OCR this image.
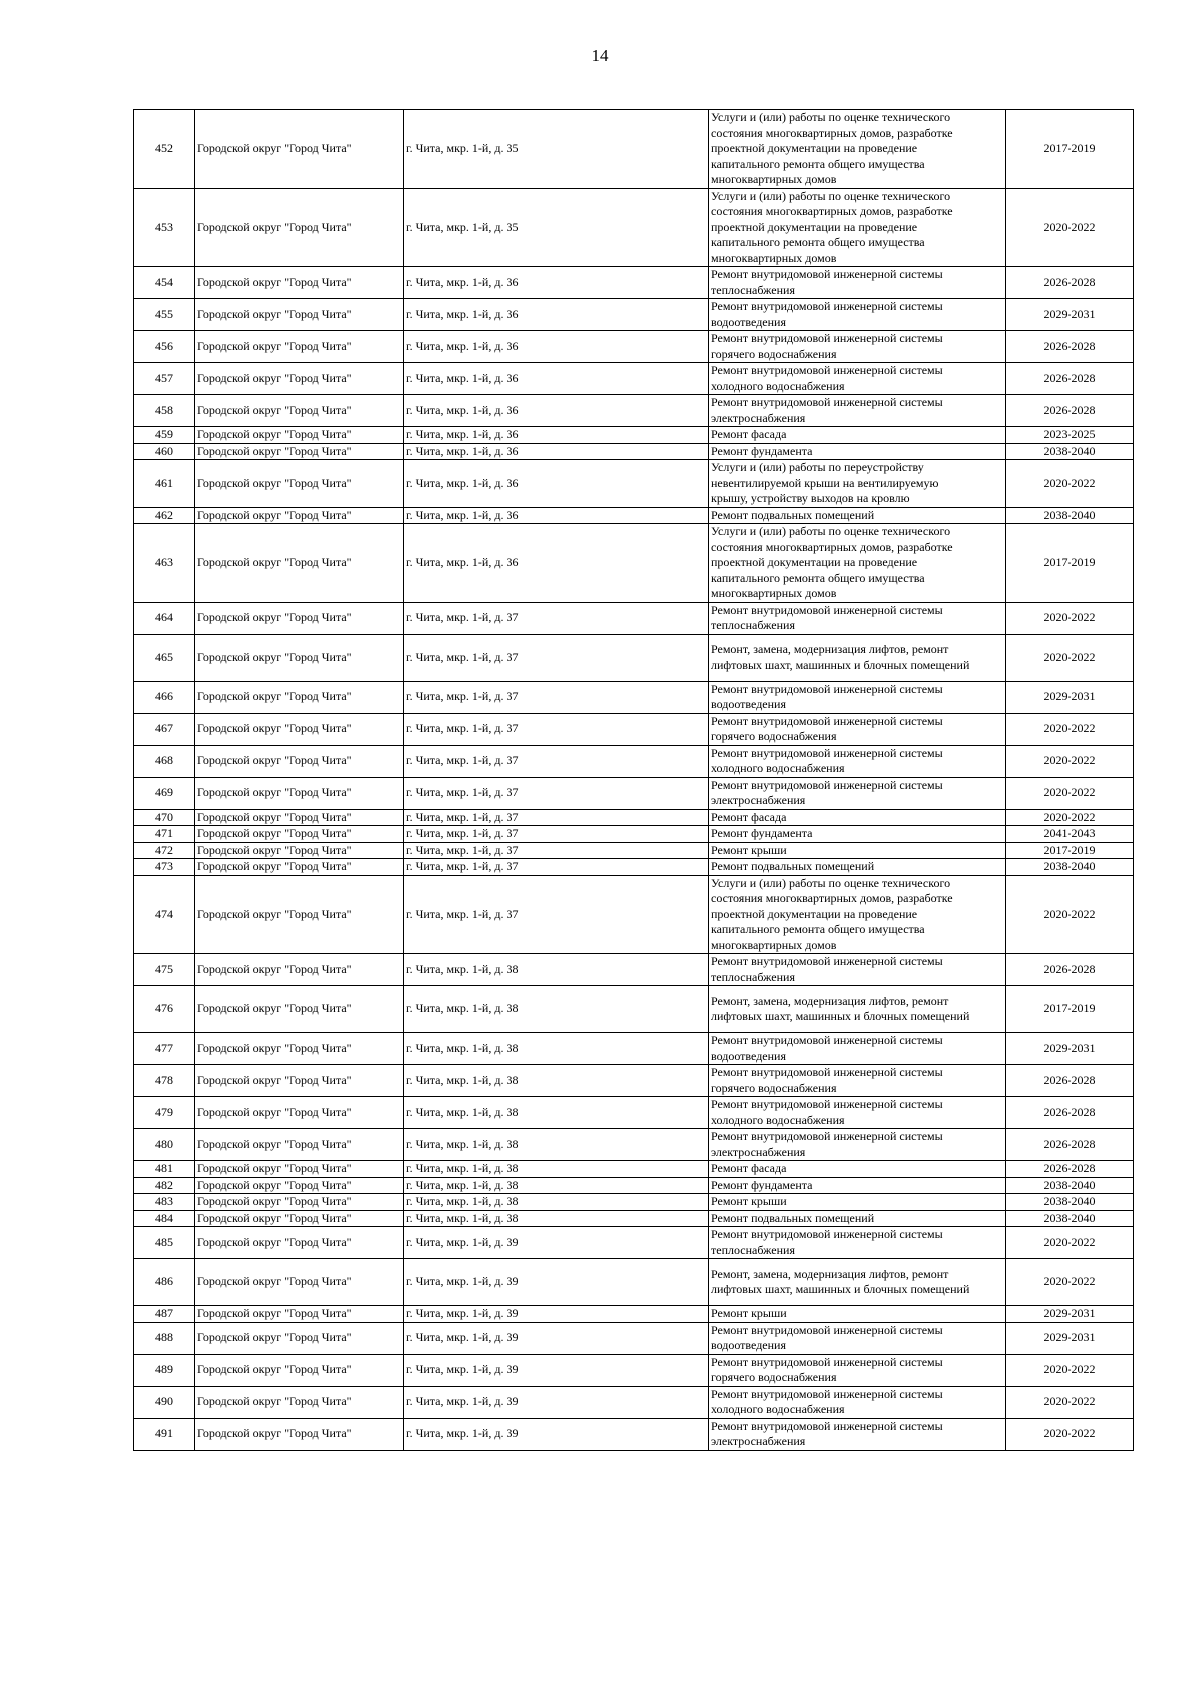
14
452	Городской округ "Город Чита"	г. Чита, мкр. 1-й, д. 35	Услуги и (или) работы по оценке технического
состояния многоквартирных домов, разработке
проектной документации на проведение
капитального ремонта общего имущества
многоквартирных домов	2017-2019
453	Городской округ "Город Чита"	г. Чита, мкр. 1-й, д. 35	Услуги и (или) работы по оценке технического
состояния многоквартирных домов, разработке
проектной документации на проведение
капитального ремонта общего имущества
многоквартирных домов	2020-2022
454	Городской округ "Город Чита"	г. Чита, мкр. 1-й, д. 36	Ремонт внутридомовой инженерной системы
теплоснабжения	2026-2028
455	Городской округ "Город Чита"	г. Чита, мкр. 1-й, д. 36	Ремонт внутридомовой инженерной системы
водоотведения	2029-2031
456	Городской округ "Город Чита"	г. Чита, мкр. 1-й, д. 36	Ремонт внутридомовой инженерной системы
горячего водоснабжения	2026-2028
457	Городской округ "Город Чита"	г. Чита, мкр. 1-й, д. 36	Ремонт внутридомовой инженерной системы
холодного водоснабжения	2026-2028
458	Городской округ "Город Чита"	г. Чита, мкр. 1-й, д. 36	Ремонт внутридомовой инженерной системы
электроснабжения	2026-2028
459	Городской округ "Город Чита"	г. Чита, мкр. 1-й, д. 36	Ремонт фасада	2023-2025
460	Городской округ "Город Чита"	г. Чита, мкр. 1-й, д. 36	Ремонт фундамента	2038-2040
461	Городской округ "Город Чита"	г. Чита, мкр. 1-й, д. 36	Услуги и (или) работы по переустройству
невентилируемой крыши на вентилируемую
крышу, устройству выходов на кровлю	2020-2022
462	Городской округ "Город Чита"	г. Чита, мкр. 1-й, д. 36	Ремонт подвальных помещений	2038-2040
463	Городской округ "Город Чита"	г. Чита, мкр. 1-й, д. 36	Услуги и (или) работы по оценке технического
состояния многоквартирных домов, разработке
проектной документации на проведение
капитального ремонта общего имущества
многоквартирных домов	2017-2019
464	Городской округ "Город Чита"	г. Чита, мкр. 1-й, д. 37	Ремонт внутридомовой инженерной системы
теплоснабжения	2020-2022
465	Городской округ "Город Чита"	г. Чита, мкр. 1-й, д. 37	Ремонт, замена, модернизация лифтов, ремонт
лифтовых шахт, машинных и блочных помещений	2020-2022
466	Городской округ "Город Чита"	г. Чита, мкр. 1-й, д. 37	Ремонт внутридомовой инженерной системы
водоотведения	2029-2031
467	Городской округ "Город Чита"	г. Чита, мкр. 1-й, д. 37	Ремонт внутридомовой инженерной системы
горячего водоснабжения	2020-2022
468	Городской округ "Город Чита"	г. Чита, мкр. 1-й, д. 37	Ремонт внутридомовой инженерной системы
холодного водоснабжения	2020-2022
469	Городской округ "Город Чита"	г. Чита, мкр. 1-й, д. 37	Ремонт внутридомовой инженерной системы
электроснабжения	2020-2022
470	Городской округ "Город Чита"	г. Чита, мкр. 1-й, д. 37	Ремонт фасада	2020-2022
471	Городской округ "Город Чита"	г. Чита, мкр. 1-й, д. 37	Ремонт фундамента	2041-2043
472	Городской округ "Город Чита"	г. Чита, мкр. 1-й, д. 37	Ремонт крыши	2017-2019
473	Городской округ "Город Чита"	г. Чита, мкр. 1-й, д. 37	Ремонт подвальных помещений	2038-2040
474	Городской округ "Город Чита"	г. Чита, мкр. 1-й, д. 37	Услуги и (или) работы по оценке технического
состояния многоквартирных домов, разработке
проектной документации на проведение
капитального ремонта общего имущества
многоквартирных домов	2020-2022
475	Городской округ "Город Чита"	г. Чита, мкр. 1-й, д. 38	Ремонт внутридомовой инженерной системы
теплоснабжения	2026-2028
476	Городской округ "Город Чита"	г. Чита, мкр. 1-й, д. 38	Ремонт, замена, модернизация лифтов, ремонт
лифтовых шахт, машинных и блочных помещений	2017-2019
477	Городской округ "Город Чита"	г. Чита, мкр. 1-й, д. 38	Ремонт внутридомовой инженерной системы
водоотведения	2029-2031
478	Городской округ "Город Чита"	г. Чита, мкр. 1-й, д. 38	Ремонт внутридомовой инженерной системы
горячего водоснабжения	2026-2028
479	Городской округ "Город Чита"	г. Чита, мкр. 1-й, д. 38	Ремонт внутридомовой инженерной системы
холодного водоснабжения	2026-2028
480	Городской округ "Город Чита"	г. Чита, мкр. 1-й, д. 38	Ремонт внутридомовой инженерной системы
электроснабжения	2026-2028
481	Городской округ "Город Чита"	г. Чита, мкр. 1-й, д. 38	Ремонт фасада	2026-2028
482	Городской округ "Город Чита"	г. Чита, мкр. 1-й, д. 38	Ремонт фундамента	2038-2040
483	Городской округ "Город Чита"	г. Чита, мкр. 1-й, д. 38	Ремонт крыши	2038-2040
484	Городской округ "Город Чита"	г. Чита, мкр. 1-й, д. 38	Ремонт подвальных помещений	2038-2040
485	Городской округ "Город Чита"	г. Чита, мкр. 1-й, д. 39	Ремонт внутридомовой инженерной системы
теплоснабжения	2020-2022
486	Городской округ "Город Чита"	г. Чита, мкр. 1-й, д. 39	Ремонт, замена, модернизация лифтов, ремонт
лифтовых шахт, машинных и блочных помещений	2020-2022
487	Городской округ "Город Чита"	г. Чита, мкр. 1-й, д. 39	Ремонт крыши	2029-2031
488	Городской округ "Город Чита"	г. Чита, мкр. 1-й, д. 39	Ремонт внутридомовой инженерной системы
водоотведения	2029-2031
489	Городской округ "Город Чита"	г. Чита, мкр. 1-й, д. 39	Ремонт внутридомовой инженерной системы
горячего водоснабжения	2020-2022
490	Городской округ "Город Чита"	г. Чита, мкр. 1-й, д. 39	Ремонт внутридомовой инженерной системы
холодного водоснабжения	2020-2022
491	Городской округ "Город Чита"	г. Чита, мкр. 1-й, д. 39	Ремонт внутридомовой инженерной системы
электроснабжения	2020-2022
